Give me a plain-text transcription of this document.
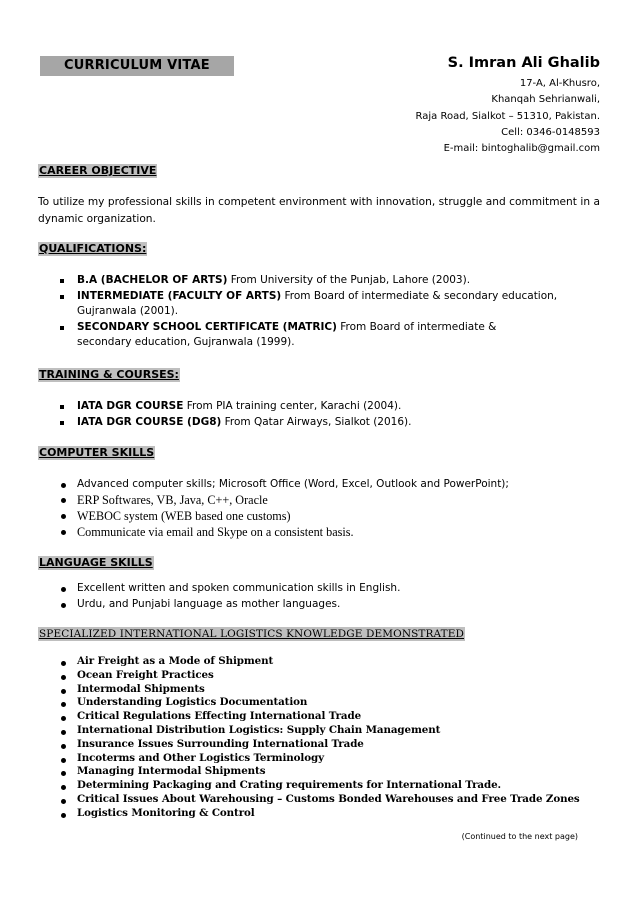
CURRICULUM VITAE	S. Imran Ali Ghalib
17-A, Al-Khusro,
Khanqah Sehrianwali,
Raja Road, Sialkot – 51310, Pakistan.
Cell: 0346-0148593
E-mail: bintoghalib@gmail.com
CAREER OBJECTIVE
To utilize my professional skills in competent environment with innovation, struggle and commitment in a dynamic organization.
QUALIFICATIONS:
B.A (BACHELOR OF ARTS) From University of the Punjab, Lahore (2003).
INTERMEDIATE (FACULTY OF ARTS) From Board of intermediate & secondary education, Gujranwala (2001).
SECONDARY SCHOOL CERTIFICATE (MATRIC) From Board of intermediate & secondary education, Gujranwala (1999).
TRAINING & COURSES:
IATA DGR COURSE From PIA training center, Karachi (2004).
IATA DGR COURSE (DG8) From Qatar Airways, Sialkot (2016).
COMPUTER SKILLS
Advanced computer skills; Microsoft Office (Word, Excel, Outlook and PowerPoint);
ERP Softwares, VB, Java, C++, Oracle
WEBOC system (WEB based one customs)
Communicate via email and Skype on a consistent basis.
LANGUAGE SKILLS
Excellent written and spoken communication skills in English.
Urdu, and Punjabi language as mother languages.
SPECIALIZED INTERNATIONAL LOGISTICS KNOWLEDGE DEMONSTRATED
Air Freight as a Mode of Shipment
Ocean Freight Practices
Intermodal Shipments
Understanding Logistics Documentation
Critical Regulations Effecting International Trade
International Distribution Logistics: Supply Chain Management
Insurance Issues Surrounding International Trade
Incoterms and Other Logistics Terminology
Managing Intermodal Shipments
Determining Packaging and Crating requirements for International Trade.
Critical Issues About Warehousing – Customs Bonded Warehouses and Free Trade Zones
Logistics Monitoring & Control
(Continued to the next page)
